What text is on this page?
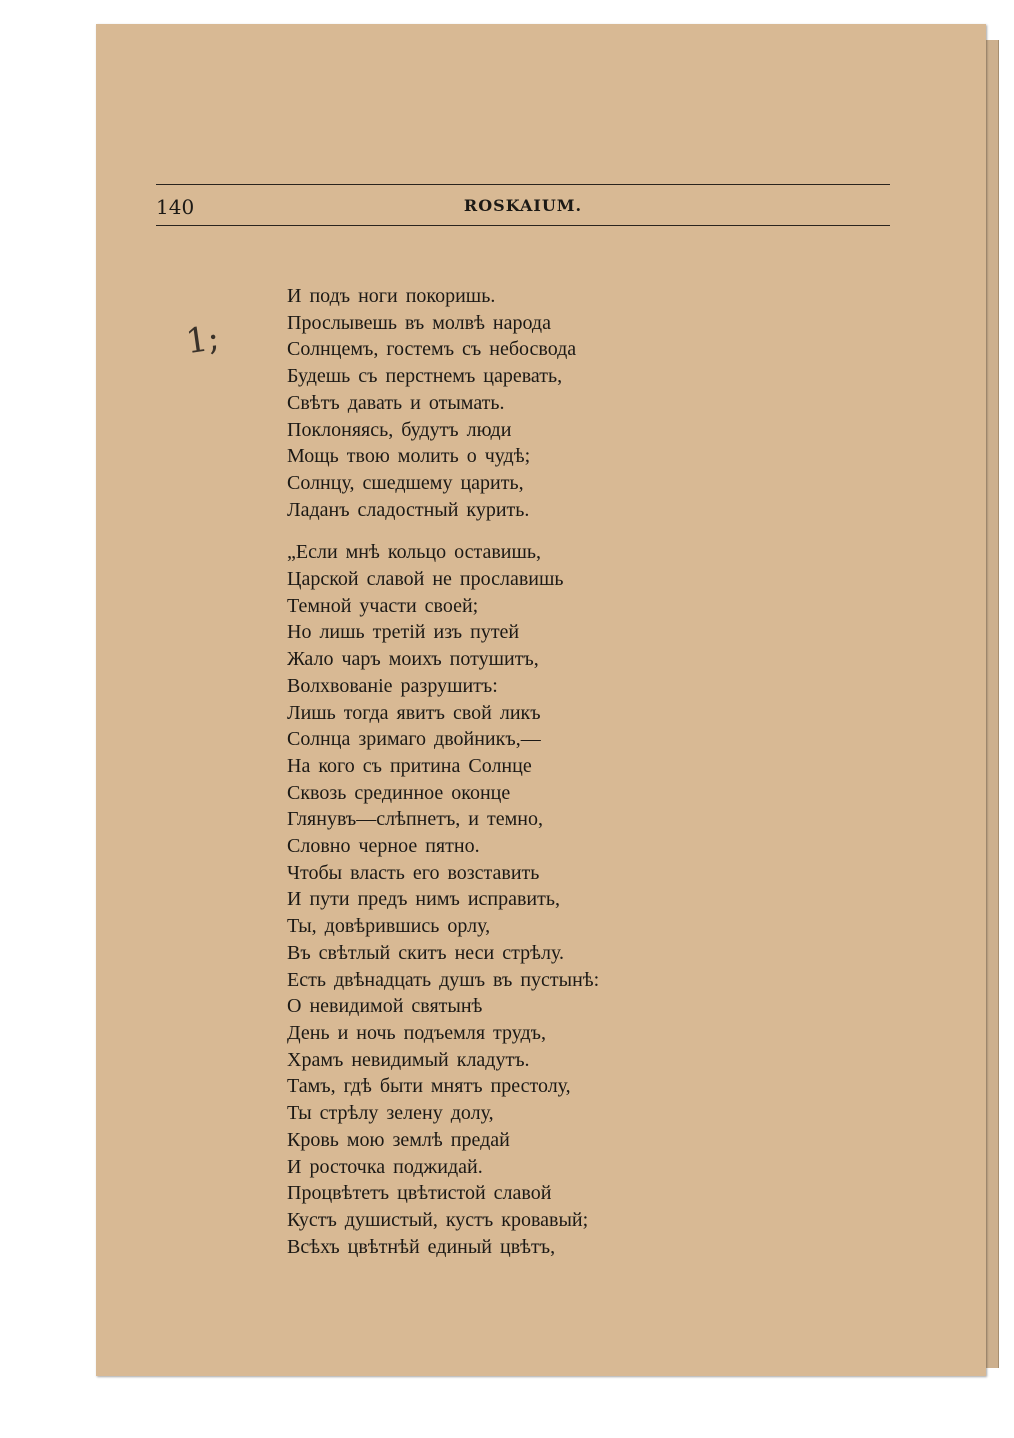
140	ROSKAIUM.
1;
И подъ ноги покоришь.
Прослывешь въ молвѣ народа
Солнцемъ, гостемъ съ небосвода
Будешь съ перстнемъ царевать,
Свѣтъ давать и отымать.
Поклоняясь, будутъ люди
Мощь твою молить о чудѣ;
Солнцу, сшедшему царить,
Ладанъ сладостный курить.
„Если мнѣ кольцо оставишь,
Царской славой не прославишь
Темной участи своей;
Но лишь третій изъ путей
Жало чаръ моихъ потушитъ,
Волхвованіе разрушитъ:
Лишь тогда явитъ свой ликъ
Солнца зримаго двойникъ,—
На кого съ притина Солнце
Сквозь срединное оконце
Глянувъ—слѣпнетъ, и темно,
Словно черное пятно.
Чтобы власть его возставить
И пути предъ нимъ исправить,
Ты, довѣрившись орлу,
Въ свѣтлый скитъ неси стрѣлу.
Есть двѣнадцать душъ въ пустынѣ:
О невидимой святынѣ
День и ночь подъемля трудъ,
Храмъ невидимый кладутъ.
Тамъ, гдѣ быти мнятъ престолу,
Ты стрѣлу зелену долу,
Кровь мою землѣ предай
И росточка поджидай.
Процвѣтетъ цвѣтистой славой
Кустъ душистый, кустъ кровавый;
Всѣхъ цвѣтнѣй единый цвѣтъ,
